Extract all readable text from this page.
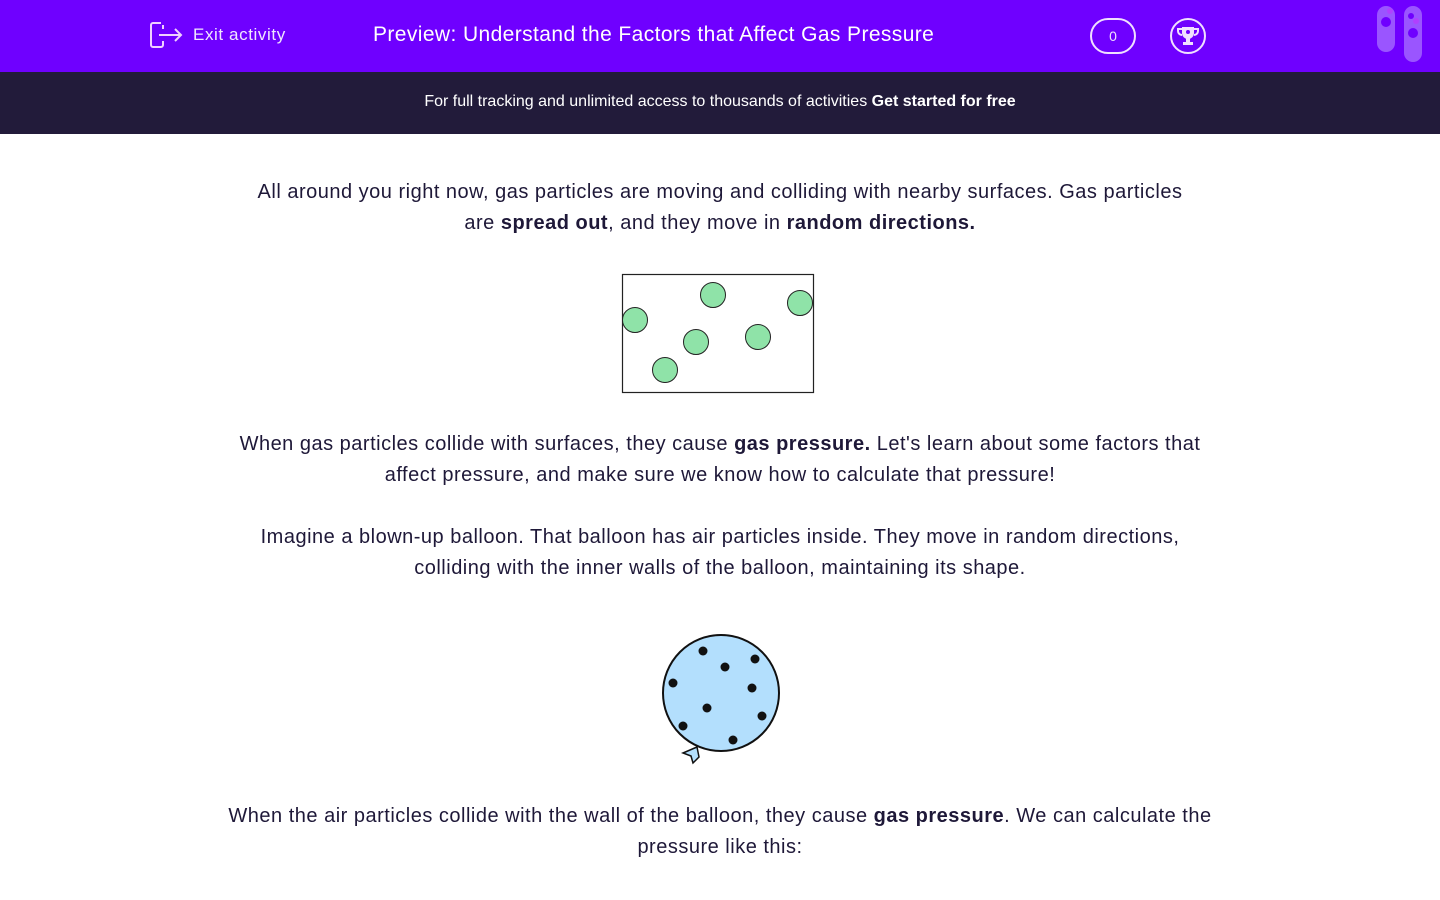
Exit activity	Preview: Understand the Factors that Affect Gas Pressure	0
For full tracking and unlimited access to thousands of activities Get started for free
All around you right now, gas particles are moving and colliding with nearby surfaces. Gas particles
are spread out, and they move in random directions.
When gas particles collide with surfaces, they cause gas pressure. Let's learn about some factors that
affect pressure, and make sure we know how to calculate that pressure!
Imagine a blown-up balloon. That balloon has air particles inside. They move in random directions,
colliding with the inner walls of the balloon, maintaining its shape.
When the air particles collide with the wall of the balloon, they cause gas pressure. We can calculate the
pressure like this:
